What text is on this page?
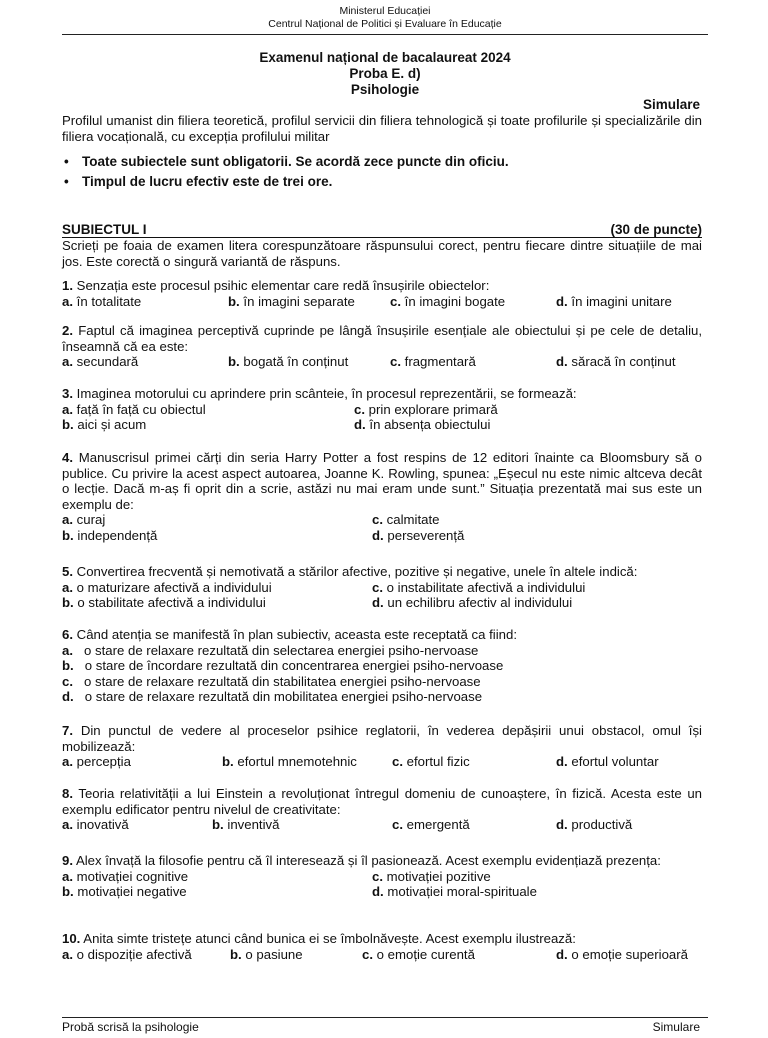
Ministerul Educației
Centrul Național de Politici și Evaluare în Educație
Examenul național de bacalaureat 2024
Proba E. d)
Psihologie
Simulare
Profilul umanist din filiera teoretică, profilul servicii din filiera tehnologică și toate profilurile și specializările din filiera vocațională, cu excepția profilului militar
• Toate subiectele sunt obligatorii. Se acordă zece puncte din oficiu.
• Timpul de lucru efectiv este de trei ore.
SUBIECTUL I	(30 de puncte)
Scrieți pe foaia de examen litera corespunzătoare răspunsului corect, pentru fiecare dintre situațiile de mai jos. Este corectă o singură variantă de răspuns.
1. Senzația este procesul psihic elementar care redă însușirile obiectelor:
a. în totalitate	b. în imagini separate	c. în imagini bogate	d. în imagini unitare
2. Faptul că imaginea perceptivă cuprinde pe lângă însușirile esențiale ale obiectului și pe cele de detaliu, înseamnă că ea este:
a. secundară	b. bogată în conținut	c. fragmentară	d. săracă în conținut
3. Imaginea motorului cu aprindere prin scânteie, în procesul reprezentării, se formează:
a. față în față cu obiectul	c. prin explorare primară
b. aici și acum	d. în absența obiectului
4. Manuscrisul primei cărți din seria Harry Potter a fost respins de 12 editori înainte ca Bloomsbury să o publice. Cu privire la acest aspect autoarea, Joanne K. Rowling, spunea: „Eșecul nu este nimic altceva decât o lecție. Dacă m-aș fi oprit din a scrie, astăzi nu mai eram unde sunt.” Situația prezentată mai sus este un exemplu de:
a. curaj	c. calmitate
b. independență	d. perseverență
5. Convertirea frecventă și nemotivată a stărilor afective, pozitive și negative, unele în altele indică:
a. o maturizare afectivă a individului	c. o instabilitate afectivă a individului
b. o stabilitate afectivă a individului	d. un echilibru afectiv al individului
6. Când atenția se manifestă în plan subiectiv, aceasta este receptată ca fiind:
a. o stare de relaxare rezultată din selectarea energiei psiho-nervoase
b. o stare de încordare rezultată din concentrarea energiei psiho-nervoase
c. o stare de relaxare rezultată din stabilitatea energiei psiho-nervoase
d. o stare de relaxare rezultată din mobilitatea energiei psiho-nervoase
7. Din punctul de vedere al proceselor psihice reglatorii, în vederea depășirii unui obstacol, omul își mobilizează:
a. percepția	b. efortul mnemotehnic	c. efortul fizic	d. efortul voluntar
8. Teoria relativității a lui Einstein a revoluționat întregul domeniu de cunoaștere, în fizică. Acesta este un exemplu edificator pentru nivelul de creativitate:
a. inovativă	b. inventivă	c. emergentă	d. productivă
9. Alex învață la filosofie pentru că îl interesează și îl pasionează. Acest exemplu evidențiază prezența:
a. motivației cognitive	c. motivației pozitive
b. motivației negative	d. motivației moral-spirituale
10. Anita simte tristețe atunci când bunica ei se îmbolnăvește. Acest exemplu ilustrează:
a. o dispoziție afectivă	b. o pasiune	c. o emoție curentă	d. o emoție superioară
Probă scrisă la psihologie	Simulare
